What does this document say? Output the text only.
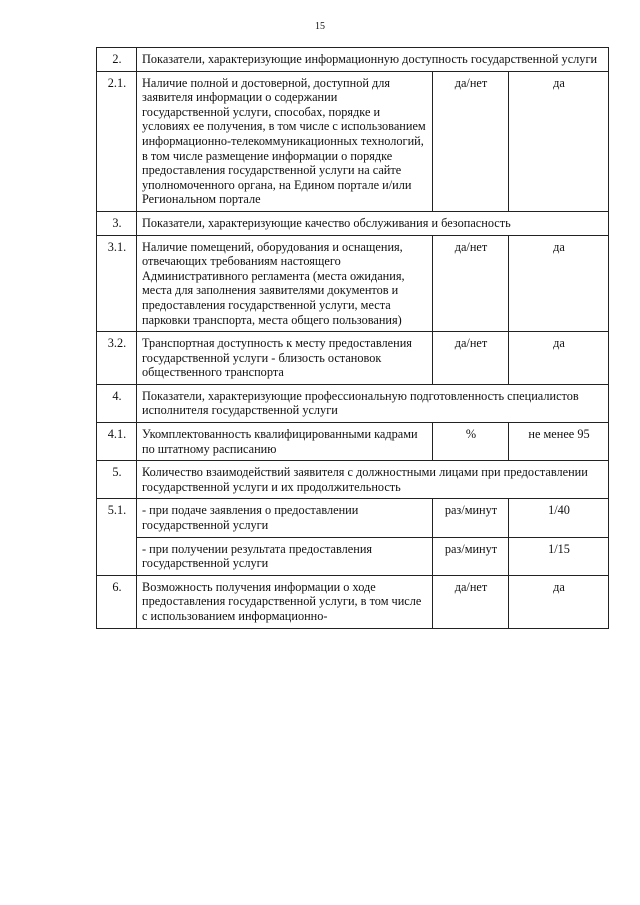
15
2.	Показатели, характеризующие информационную доступность государственной услуги		
2.1.	Наличие полной и достоверной, доступной для заявителя информации о содержании государственной услуги, способах, порядке и условиях ее получения, в том числе с использованием информационно-телекоммуникационных технологий, в том числе размещение информации о порядке предоставления государственной услуги на сайте уполномоченного органа, на Едином портале и/или Региональном портале	да/нет	да
3.	Показатели, характеризующие качество обслуживания и безопасность		
3.1.	Наличие помещений, оборудования и оснащения, отвечающих требованиям настоящего Административного регламента (места ожидания, места для заполнения заявителями документов и предоставления государственной услуги, места парковки транспорта, места общего пользования)	да/нет	да
3.2.	Транспортная доступность к месту предоставления государственной услуги - близость остановок общественного транспорта	да/нет	да
4.	Показатели, характеризующие профессиональную подготовленность специалистов исполнителя государственной услуги		
4.1.	Укомплектованность квалифицированными кадрами по штатному расписанию	%	не менее 95
5.	Количество взаимодействий заявителя с должностными лицами при предоставлении государственной услуги и их продолжительность		
5.1.	- при подаче заявления о предоставлении государственной услуги	раз/минут	1/40
	- при получении результата предоставления государственной услуги	раз/минут	1/15
6.	Возможность получения информации о ходе предоставления государственной услуги, в том числе с использованием информационно-	да/нет	да
